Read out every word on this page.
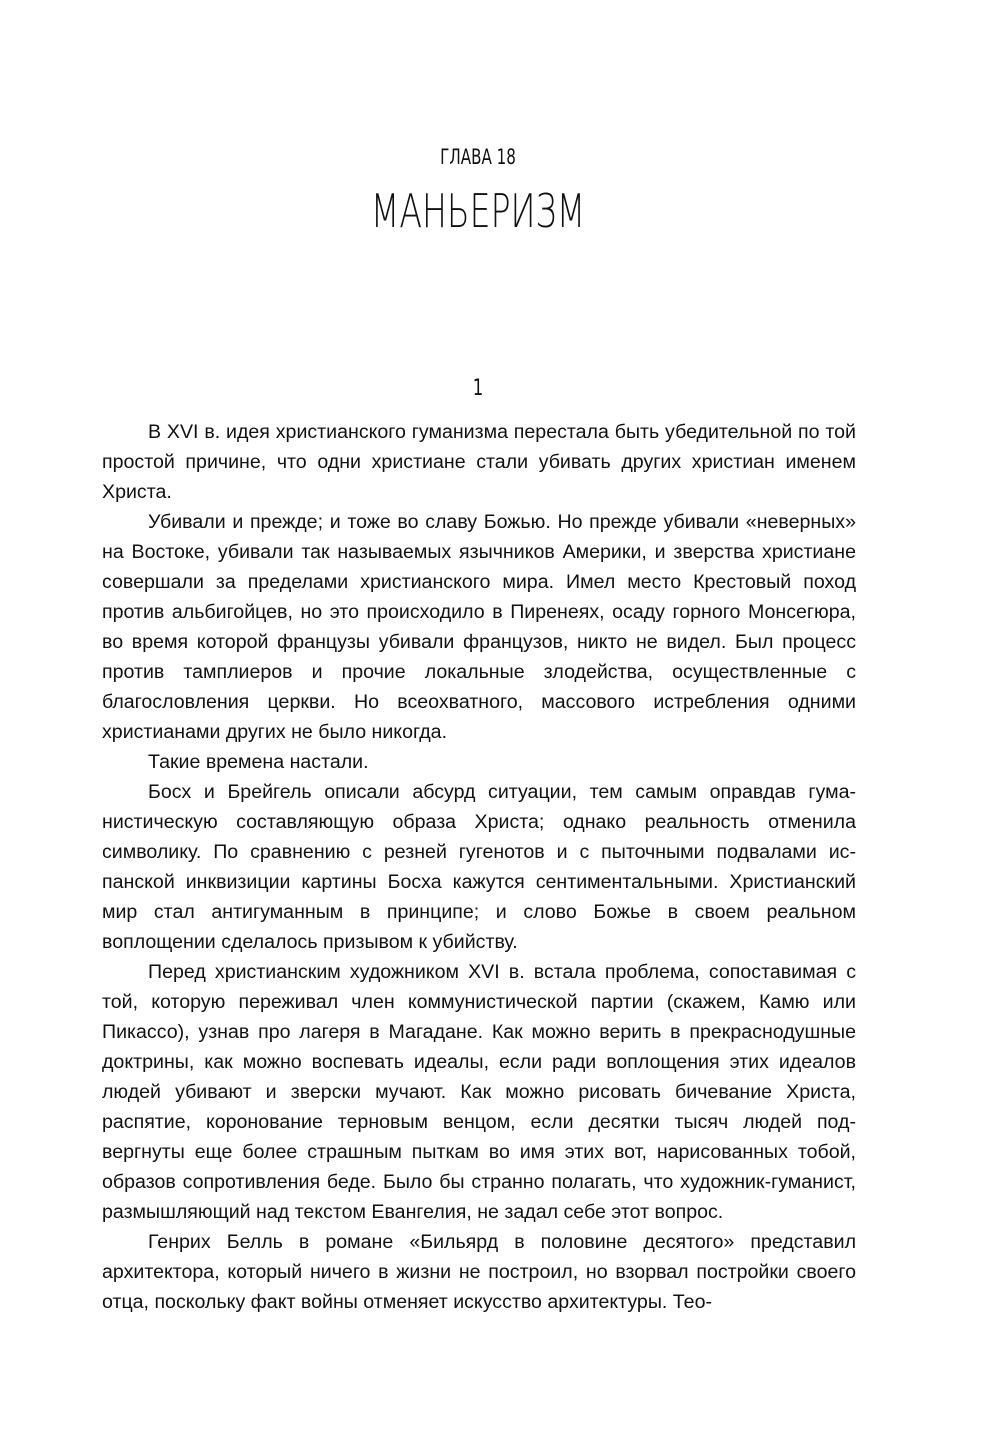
ГЛАВА 18
МАНЬЕРИЗМ
1

В XVI в. идея христианского гуманизма перестала быть убедительной по той простой причине, что одни христиане стали убивать других христиан именем Христа.

Убивали и прежде; и тоже во славу Божью. Но прежде убивали «неверных» на Востоке, убивали так называемых язычников Америки, и зверства христиане совершали за пределами христианского мира. Имел место Крестовый поход против альбигойцев, но это происходило в Пиренеях, осаду горного Монсегюра, во время которой французы убивали французов, никто не видел. Был процесс против тамплиеров и прочие локальные злодейства, осуществленные с благословления церкви. Но всеохватного, массового истребления одними христианами других не было никогда.

Такие времена настали.

Босх и Брейгель описали абсурд ситуации, тем самым оправдав гуманистическую составляющую образа Христа; однако реальность отменила символику. По сравнению с резней гугенотов и с пыточными подвалами испанской инквизиции картины Босха кажутся сентиментальными. Христианский мир стал антигуманным в принципе; и слово Божье в своем реальном воплощении сделалось призывом к убийству.

Перед христианским художником XVI в. встала проблема, сопоставимая с той, которую переживал член коммунистической партии (скажем, Камю или Пикассо), узнав про лагеря в Магадане. Как можно верить в прекраснодушные доктрины, как можно воспевать идеалы, если ради воплощения этих идеалов людей убивают и зверски мучают. Как можно рисовать бичевание Христа, распятие, коронование терновым венцом, если десятки тысяч людей подвергнуты еще более страшным пыткам во имя этих вот, нарисованных тобой, образов сопротивления беде. Было бы странно полагать, что художник-гуманист, размышляющий над текстом Евангелия, не задал себе этот вопрос.

Генрих Белль в романе «Бильярд в половине десятого» представил архитектора, который ничего в жизни не построил, но взорвал постройки своего отца, поскольку факт войны отменяет искусство архитектуры. Тео-
